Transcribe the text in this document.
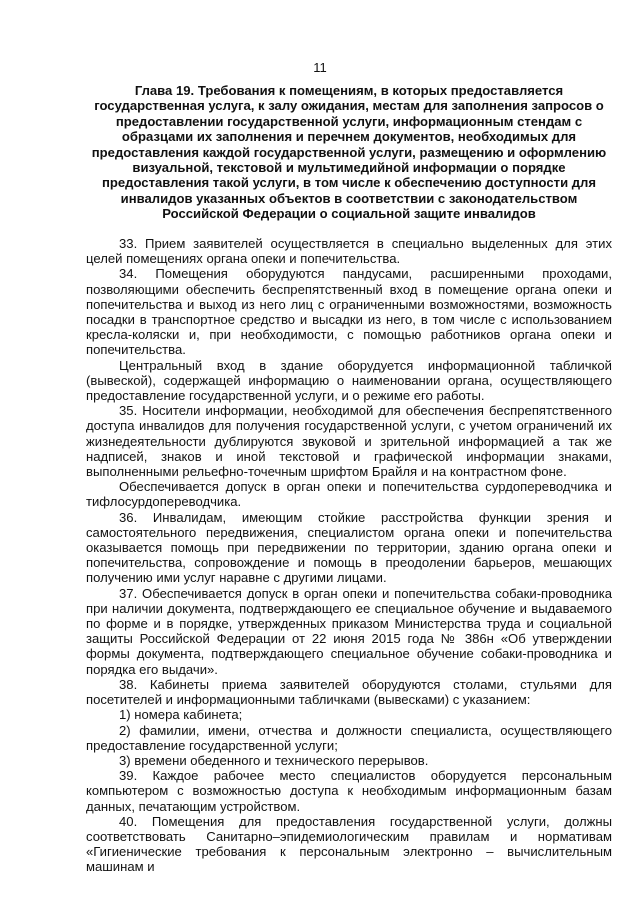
11
Глава 19. Требования к помещениям, в которых предоставляется государственная услуга, к залу ожидания, местам для заполнения запросов о предоставлении государственной услуги, информационным стендам с образцами их заполнения и перечнем документов, необходимых для предоставления каждой государственной услуги, размещению и оформлению визуальной, текстовой и мультимедийной информации о порядке предоставления такой услуги, в том числе к обеспечению доступности для инвалидов указанных объектов в соответствии с законодательством Российской Федерации о социальной защите инвалидов

33. Прием заявителей осуществляется в специально выделенных для этих целей помещениях органа опеки и попечительства.

34. Помещения оборудуются пандусами, расширенными проходами, позволяющими обеспечить беспрепятственный вход в помещение органа опеки и попечительства и выход из него лиц с ограниченными возможностями, возможность посадки в транспортное средство и высадки из него, в том числе с использованием кресла-коляски и, при необходимости, с помощью работников органа опеки и попечительства.

Центральный вход в здание оборудуется информационной табличкой (вывеской), содержащей информацию о наименовании органа, осуществляющего предоставление государственной услуги, и о режиме его работы.

35. Носители информации, необходимой для обеспечения беспрепятственного доступа инвалидов для получения государственной услуги, с учетом ограничений их жизнедеятельности дублируются звуковой и зрительной информацией а так же надписей, знаков и иной текстовой и графической информации знаками, выполненными рельефно-точечным шрифтом Брайля и на контрастном фоне.

Обеспечивается допуск в орган опеки и попечительства сурдопереводчика и тифлосурдопереводчика.

36. Инвалидам, имеющим стойкие расстройства функции зрения и самостоятельного передвижения, специалистом органа опеки и попечительства оказывается помощь при передвижении по территории, зданию органа опеки и попечительства, сопровождение и помощь в преодолении барьеров, мешающих получению ими услуг наравне с другими лицами.

37. Обеспечивается допуск в орган опеки и попечительства собаки-проводника при наличии документа, подтверждающего ее специальное обучение и выдаваемого по форме и в порядке, утвержденных приказом Министерства труда и социальной защиты Российской Федерации от 22 июня 2015 года № 386н «Об утверждении формы документа, подтверждающего специальное обучение собаки-проводника и порядка его выдачи».

38. Кабинеты приема заявителей оборудуются столами, стульями для посетителей и информационными табличками (вывесками) с указанием:

1) номера кабинета;

2) фамилии, имени, отчества и должности специалиста, осуществляющего предоставление государственной услуги;

3) времени обеденного и технического перерывов.

39. Каждое рабочее место специалистов оборудуется персональным компьютером с возможностью доступа к необходимым информационным базам данных, печатающим устройством.

40. Помещения для предоставления государственной услуги, должны соответствовать Санитарно–эпидемиологическим правилам и нормативам «Гигиенические требования к персональным электронно – вычислительным машинам и
